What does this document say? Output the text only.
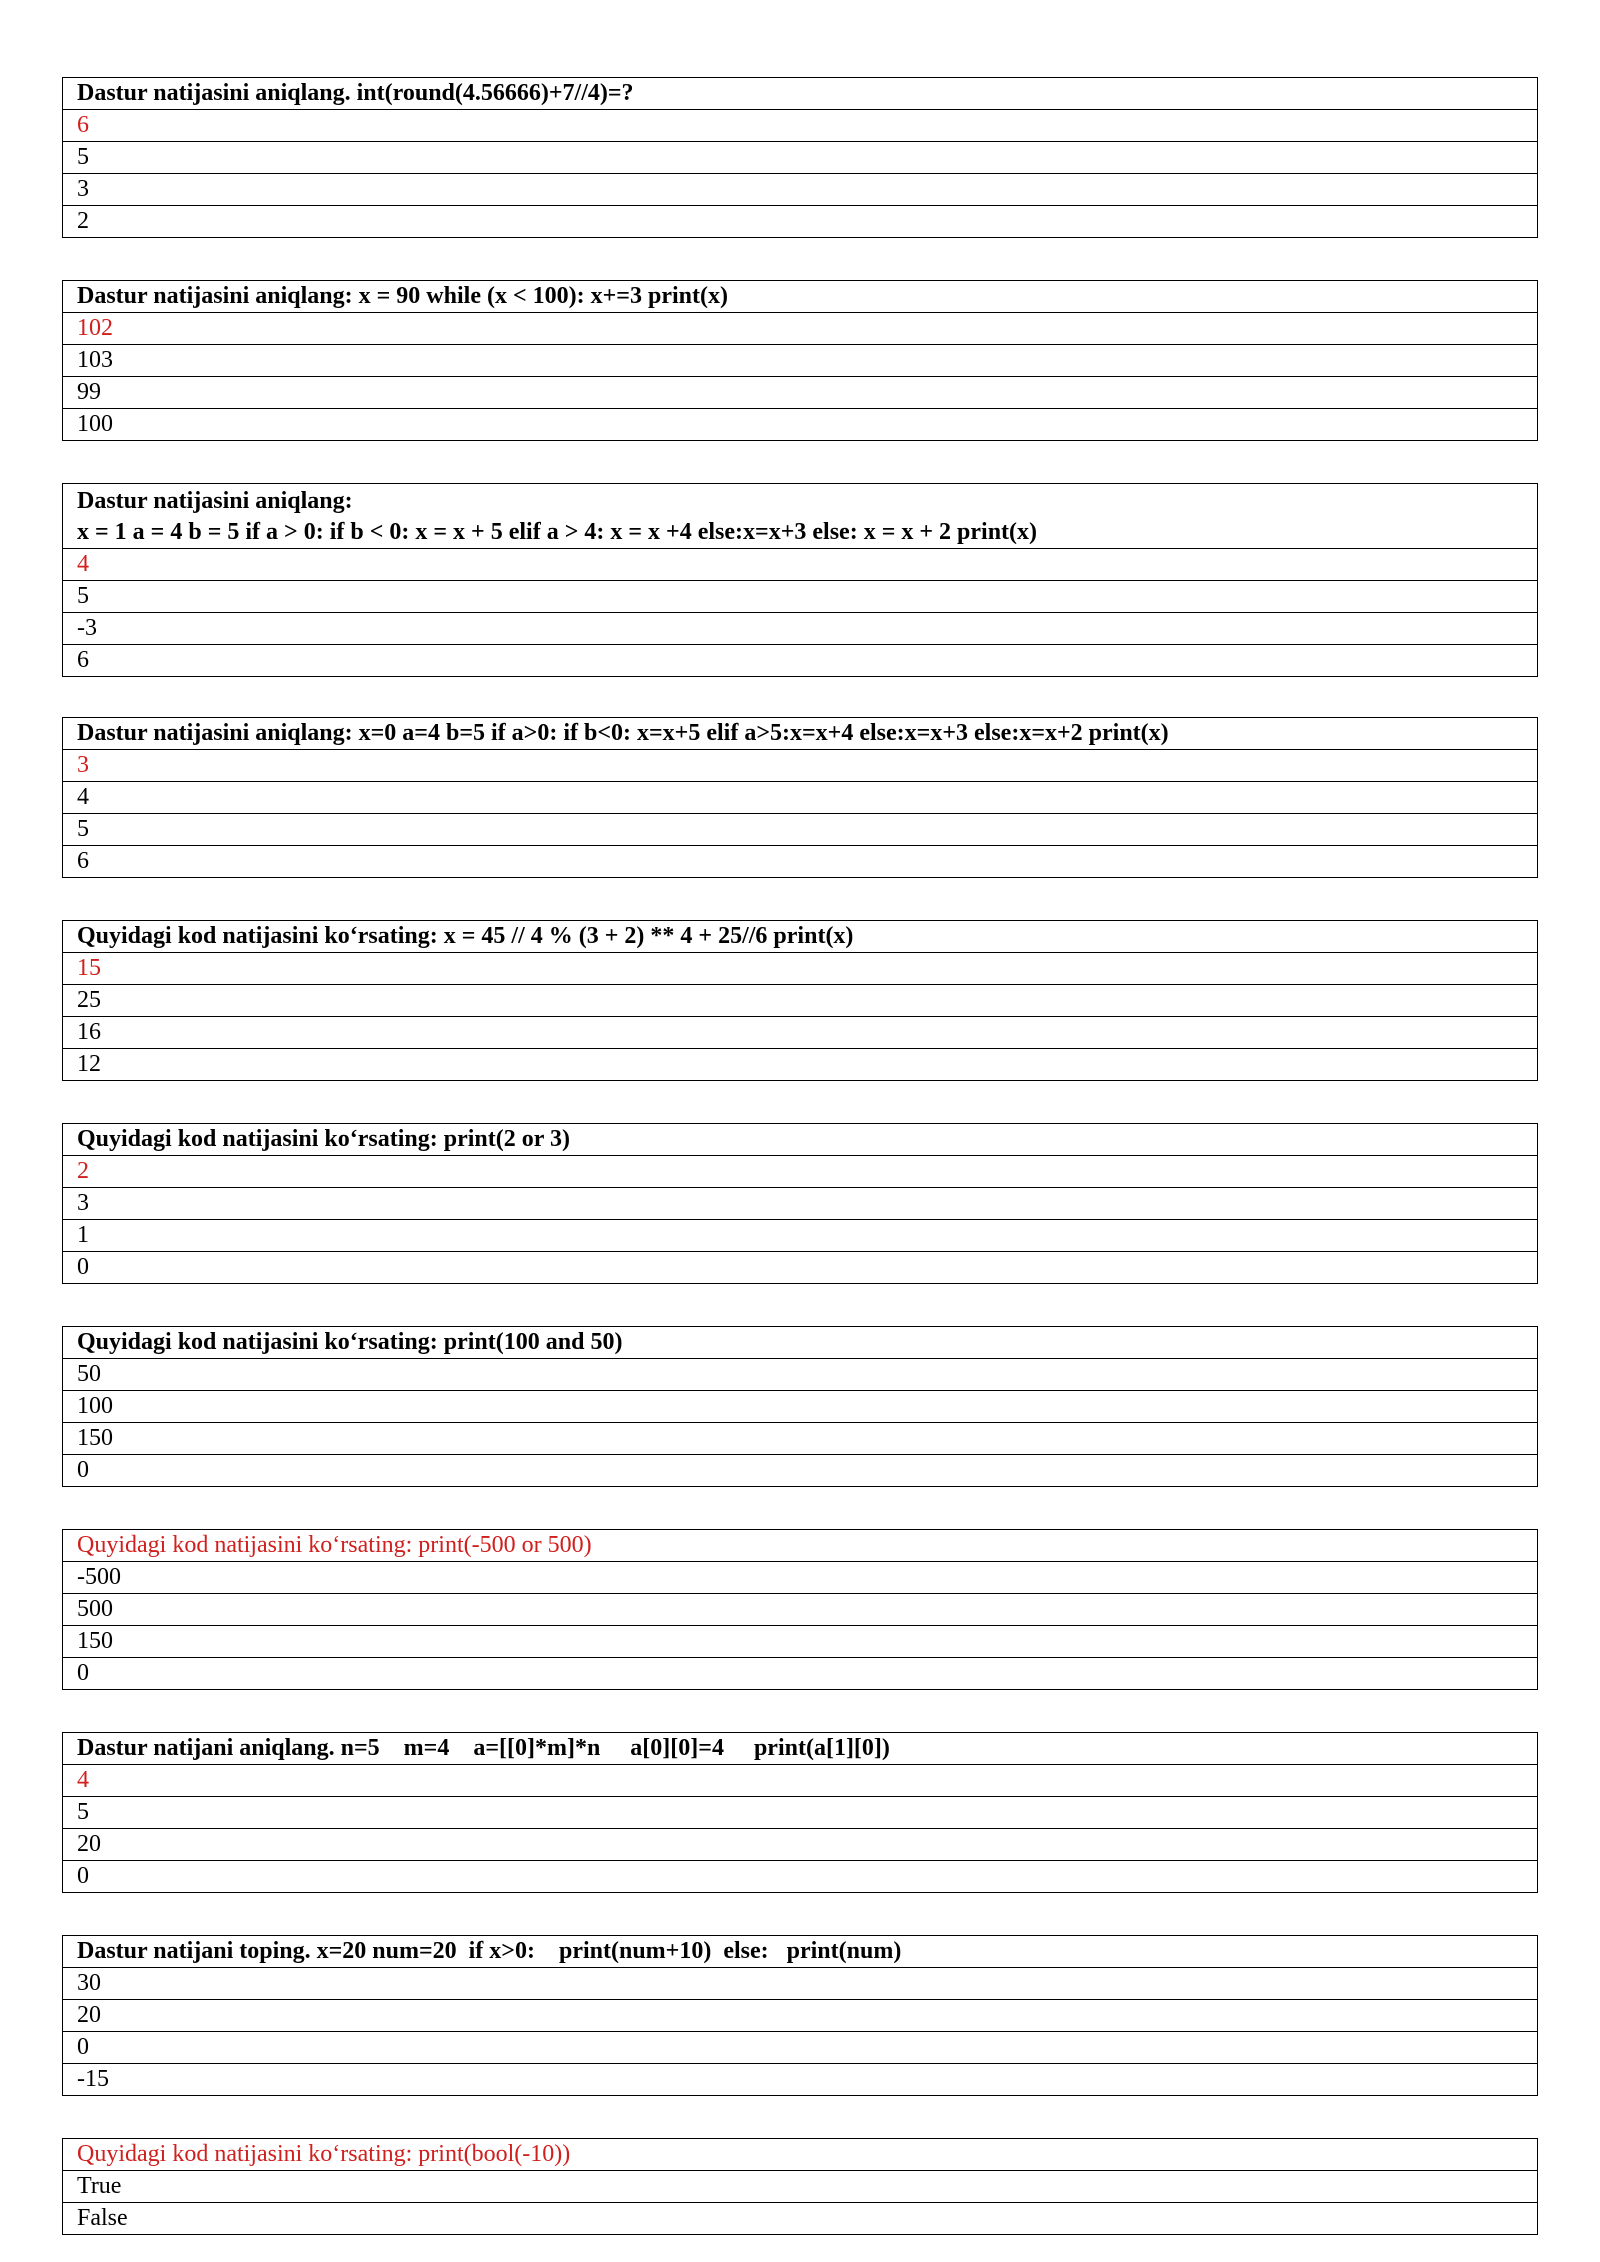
Dastur natijasini aniqlang. int(round(4.56666)+7//4)=?
6
5
3
2
Dastur natijasini aniqlang: x = 90 while (x < 100): x+=3 print(x)
102
103
99
100
Dastur natijasini aniqlang:
x = 1 a = 4 b = 5 if a > 0: if b < 0: x = x + 5 elif a > 4: x = x +4 else:x=x+3 else: x = x + 2 print(x)
4
5
-3
6
Dastur natijasini aniqlang: x=0 a=4 b=5 if a>0: if b<0: x=x+5 elif a>5:x=x+4 else:x=x+3 else:x=x+2 print(x)
3
4
5
6
Quyidagi kod natijasini ko‘rsating: x = 45 // 4 % (3 + 2) ** 4 + 25//6 print(x)
15
25
16
12
Quyidagi kod natijasini ko‘rsating: print(2 or 3)
2
3
1
0
Quyidagi kod natijasini ko‘rsating: print(100 and 50)
50
100
150
0
Quyidagi kod natijasini ko‘rsating: print(-500 or 500)
-500
500
150
0
Dastur natijani aniqlang. n=5    m=4    a=[[0]*m]*n     a[0][0]=4     print(a[1][0])
4
5
20
0
Dastur natijani toping. x=20 num=20  if x>0:    print(num+10)  else:   print(num)
30
20
0
-15
Quyidagi kod natijasini ko‘rsating: print(bool(-10))
True
False
